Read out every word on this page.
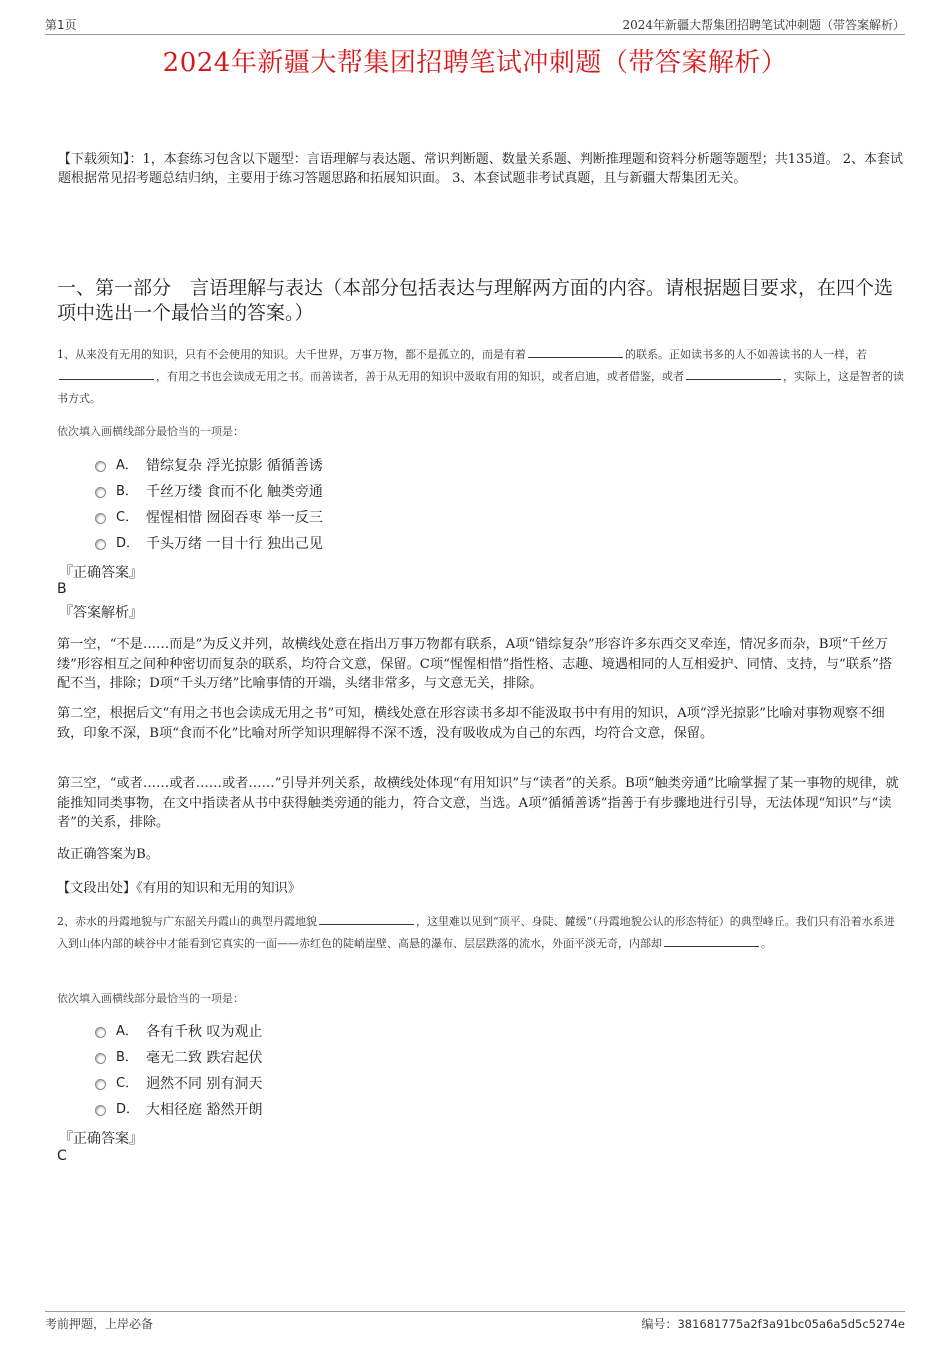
第1页	2024年新疆大帮集团招聘笔试冲刺题（带答案解析）
2024年新疆大帮集团招聘笔试冲刺题（带答案解析）

【下载须知】：1，本套练习包含以下题型：言语理解与表达题、常识判断题、数量关系题、判断推理题和资料分析题等题型；共135道。 2、本套试题根据常见招考题总结归纳，主要用于练习答题思路和拓展知识面。 3、本套试题非考试真题，且与新疆大帮集团无关。

一、第一部分　言语理解与表达（本部分包括表达与理解两方面的内容。请根据题目要求，在四个选项中选出一个最恰当的答案。）

1、从来没有无用的知识，只有不会使用的知识。大千世界，万事万物，都不是孤立的，而是有着	的联系。正如读书多的人不如善读书的人一样，若，有用之书也会读成无用之书。而善读者，善于从无用的知识中汲取有用的知识，或者启迪，或者借鉴，或者	，实际上，这是智者的读书方式。

依次填入画横线部分最恰当的一项是：

A． 错综复杂 浮光掠影 循循善诱
B． 千丝万缕 食而不化 触类旁通
C． 惺惺相惜 囫囵吞枣 举一反三
D． 千头万绪 一目十行 独出己见

『正确答案』

B

『答案解析』

第一空，“不是……而是”为反义并列，故横线处意在指出万事万物都有联系，A项“错综复杂”形容许多东西交叉牵连，情况多而杂，B项“千丝万缕”形容相互之间种种密切而复杂的联系，均符合文意，保留。C项“惺惺相惜”指性格、志趣、境遇相同的人互相爱护、同情、支持，与“联系”搭配不当，排除；D项“千头万绪”比喻事情的开端，头绪非常多，与文意无关，排除。

第二空，根据后文“有用之书也会读成无用之书”可知，横线处意在形容读书多却不能汲取书中有用的知识，A项“浮光掠影”比喻对事物观察不细致，印象不深，B项“食而不化”比喻对所学知识理解得不深不透，没有吸收成为自己的东西，均符合文意，保留。

第三空，“或者……或者……或者……”引导并列关系，故横线处体现“有用知识”与“读者”的关系。B项“触类旁通”比喻掌握了某一事物的规律，就能推知同类事物，在文中指读者从书中获得触类旁通的能力，符合文意，当选。A项“循循善诱”指善于有步骤地进行引导，无法体现“知识”与“读者”的关系，排除。

故正确答案为B。

【文段出处】《有用的知识和无用的知识》

2、赤水的丹霞地貌与广东韶关丹霞山的典型丹霞地貌	，这里难以见到“顶平、身陡、麓缓”（丹霞地貌公认的形态特征）的典型峰丘。我们只有沿着水系进入到山体内部的峡谷中才能看到它真实的一面——赤红色的陡峭崖壁、高悬的瀑布、层层跌落的流水，外面平淡无奇，内部却	。

依次填入画横线部分最恰当的一项是：

A． 各有千秋 叹为观止
B． 毫无二致 跌宕起伏
C． 迥然不同 别有洞天
D． 大相径庭 豁然开朗

『正确答案』

C

考前押题，上岸必备	编号：381681775a2f3a91bc05a6a5d5c5274e
